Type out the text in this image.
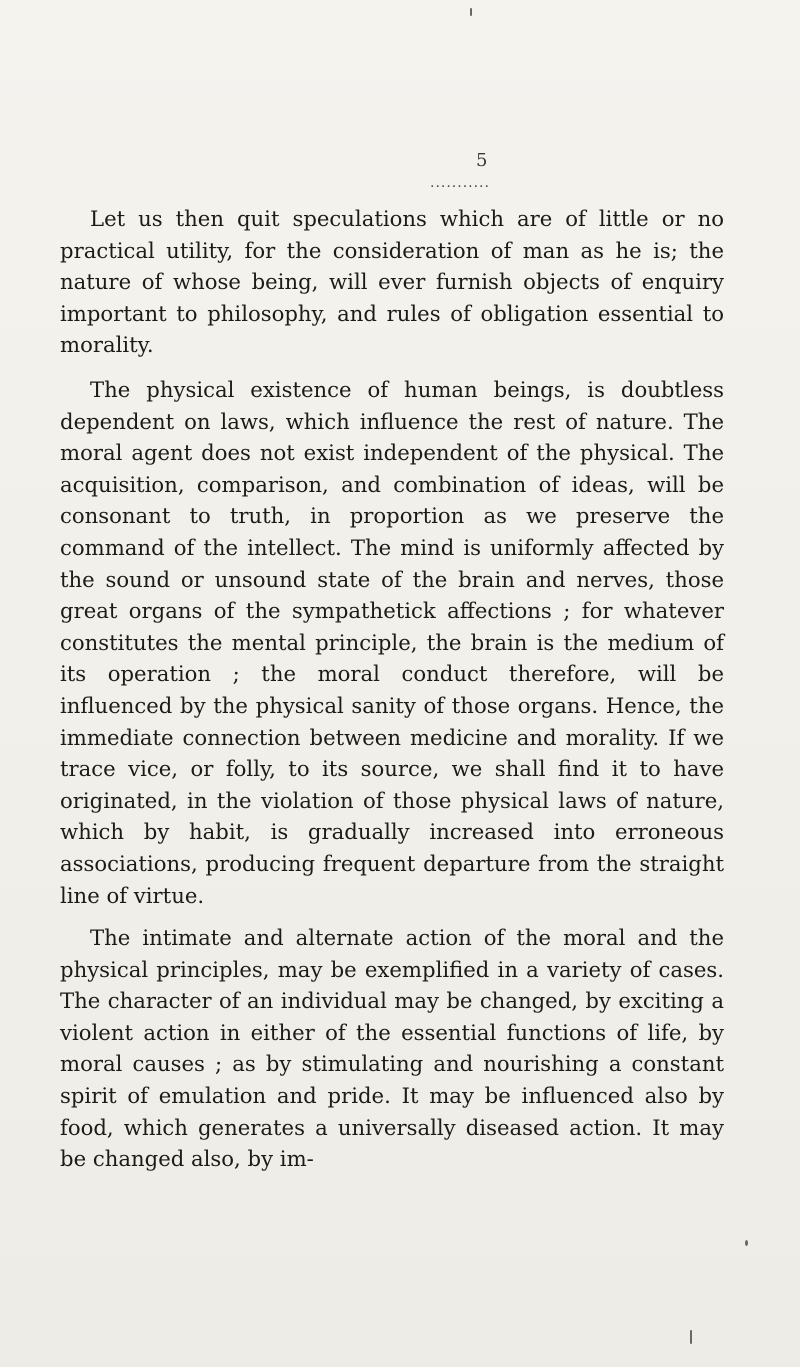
5
...........

Let us then quit speculations which are of little or no practical utility, for the consideration of man as he is; the nature of whose being, will ever furnish objects of enquiry important to philosophy, and rules of obligation essential to morality.

The physical existence of human beings, is doubtless dependent on laws, which influence the rest of nature. The moral agent does not exist independent of the physical. The acquisition, comparison, and combination of ideas, will be consonant to truth, in proportion as we preserve the command of the intellect. The mind is uniformly affected by the sound or unsound state of the brain and nerves, those great organs of the sympathetick affections ; for whatever constitutes the mental principle, the brain is the medium of its operation ; the moral conduct therefore, will be influenced by the physical sanity of those organs. Hence, the immediate connection between medicine and morality. If we trace vice, or folly, to its source, we shall find it to have originated, in the violation of those physical laws of nature, which by habit, is gradually increased into erroneous associations, producing frequent departure from the straight line of virtue.

The intimate and alternate action of the moral and the physical principles, may be exemplified in a variety of cases. The character of an individual may be changed, by exciting a violent action in either of the essential functions of life, by moral causes ; as by stimulating and nourishing a constant spirit of emulation and pride. It may be influenced also by food, which generates a universally diseased action. It may be changed also, by im-
